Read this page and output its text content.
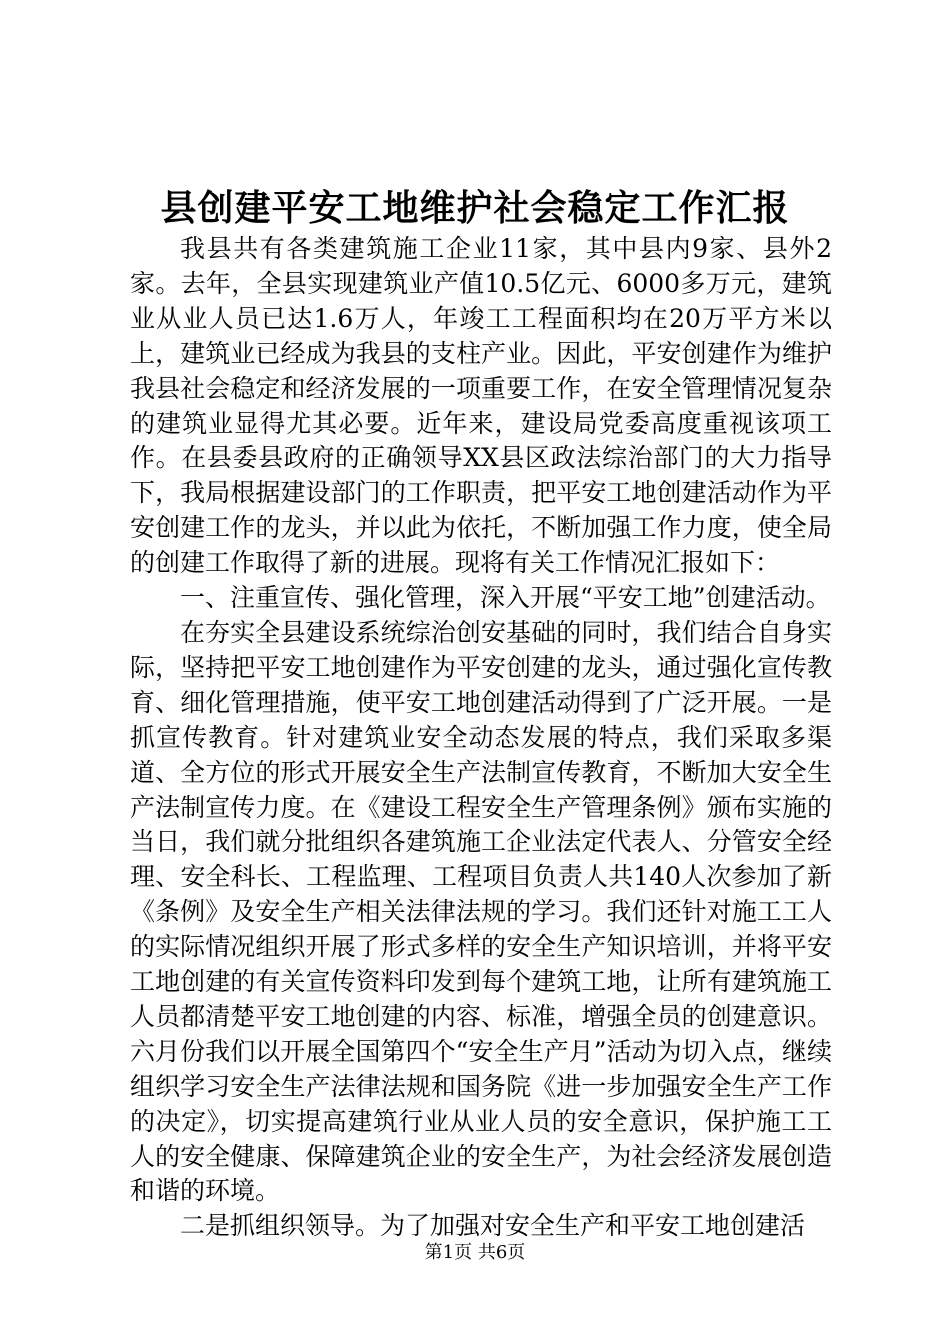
县创建平安工地维护社会稳定工作汇报

我县共有各类建筑施工企业11家，其中县内9家、县外2家。去年，全县实现建筑业产值10.5亿元、6000多万元，建筑业从业人员已达1.6万人，年竣工工程面积均在20万平方米以上，建筑业已经成为我县的支柱产业。因此，平安创建作为维护我县社会稳定和经济发展的一项重要工作，在安全管理情况复杂的建筑业显得尤其必要。近年来，建设局党委高度重视该项工作。在县委县政府的正确领导XX县区政法综治部门的大力指导下，我局根据建设部门的工作职责，把平安工地创建活动作为平安创建工作的龙头，并以此为依托，不断加强工作力度，使全局的创建工作取得了新的进展。现将有关工作情况汇报如下：

一、注重宣传、强化管理，深入开展“平安工地”创建活动。

在夯实全县建设系统综治创安基础的同时，我们结合自身实际，坚持把平安工地创建作为平安创建的龙头，通过强化宣传教育、细化管理措施，使平安工地创建活动得到了广泛开展。一是抓宣传教育。针对建筑业安全动态发展的特点，我们采取多渠道、全方位的形式开展安全生产法制宣传教育，不断加大安全生产法制宣传力度。在《建设工程安全生产管理条例》颁布实施的当日，我们就分批组织各建筑施工企业法定代表人、分管安全经理、安全科长、工程监理、工程项目负责人共140人次参加了新《条例》及安全生产相关法律法规的学习。我们还针对施工工人的实际情况组织开展了形式多样的安全生产知识培训，并将平安工地创建的有关宣传资料印发到每个建筑工地，让所有建筑施工人员都清楚平安工地创建的内容、标准，增强全员的创建意识。六月份我们以开展全国第四个“安全生产月”活动为切入点，继续组织学习安全生产法律法规和国务院《进一步加强安全生产工作的决定》，切实提高建筑行业从业人员的安全意识，保护施工工人的安全健康、保障建筑企业的安全生产，为社会经济发展创造和谐的环境。

二是抓组织领导。为了加强对安全生产和平安工地创建活

第1页 共6页
